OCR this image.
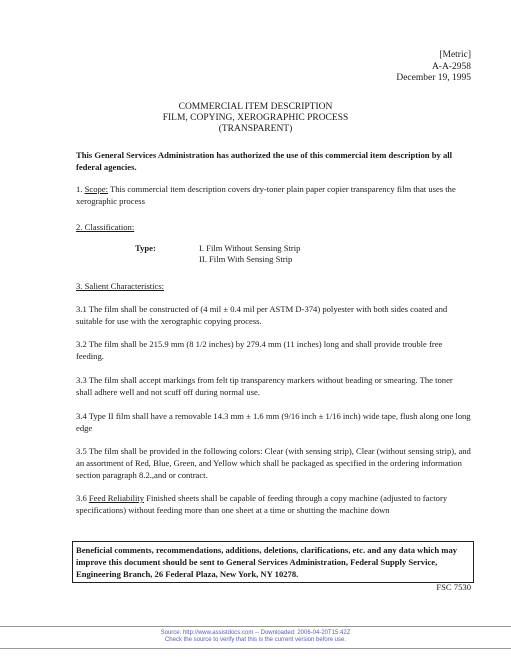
[Metric]
A-A-2958
December 19, 1995
COMMERCIAL ITEM DESCRIPTION
FILM, COPYING, XEROGRAPHIC PROCESS
(TRANSPARENT)
This General Services Administration has authorized the use of this commercial item description by all federal agencies.
1. Scope: This commercial item description covers dry-toner plain paper copier transparency film that uses the xerographic process
2. Classification:
Type:	I. Film Without Sensing Strip
II. Film With Sensing Strip
3. Salient Characteristics:
3.1 The film shall be constructed of (4 mil ± 0.4 mil per ASTM D-374) polyester with both sides coated and suitable for use with the xerographic copying process.
3.2 The film shall be 215.9 mm (8 1/2 inches) by 279.4 mm (11 inches) long and shall provide trouble free feeding.
3.3 The film shall accept markings from felt tip transparency markers without beading or smearing. The toner shall adhere well and not scuff off during normal use.
3.4 Type II film shall have a removable 14.3 mm ± 1.6 mm (9/16 inch ± 1/16 inch) wide tape, flush along one long edge
3.5 The film shall be provided in the following colors: Clear (with sensing strip), Clear (without sensing strip), and an assortment of Red, Blue, Green, and Yellow which shall be packaged as specified in the ordering information section paragraph 8.2.,and or contract.
3.6 Feed Reliability Finished sheets shall be capable of feeding through a copy machine (adjusted to factory specifications) without feeding more than one sheet at a time or shutting the machine down
Beneficial comments, recommendations, additions, deletions, clarifications, etc. and any data which may improve this document should be sent to General Services Administration, Federal Supply Service, Engineering Branch, 26 Federal Plaza, New York, NY 10278.
FSC 7530
Source: http://www.assistdocs.com -- Downloaded: 2006-04-20T15:42Z
Check the source to verify that this is the current version before use.
